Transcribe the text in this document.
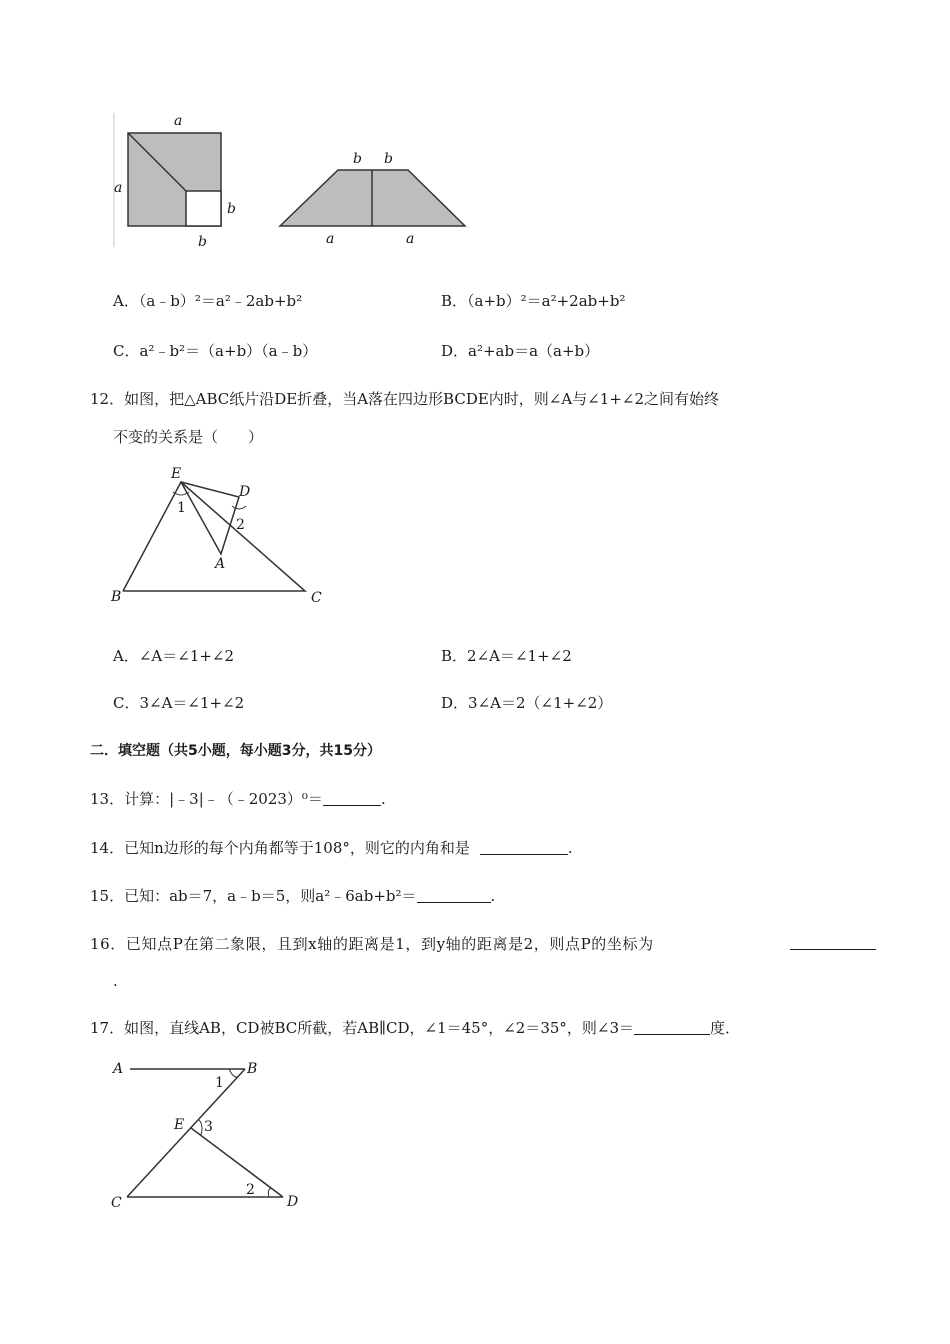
a
a
b
b
b b
a	a
A．（a﹣b）²＝a²﹣2ab+b²	B．（a+b）²＝a²+2ab+b²
C．a²﹣b²＝（a+b）（a﹣b）	D．a²+ab＝a（a+b）
12．如图，把△ABC纸片沿DE折叠，当A落在四边形BCDE内时，则∠A与∠1+∠2之间有始终
不变的关系是（　　）
E
D
A
B	C
1
2
A．∠A＝∠1+∠2	B．2∠A＝∠1+∠2
C．3∠A＝∠1+∠2	D．3∠A＝2（∠1+∠2）
二．填空题（共5小题，每小题3分，共15分）
13．计算：|﹣3|﹣（﹣2023）⁰＝	.
14．已知n边形的每个内角都等于108°，则它的内角和是	.
15．已知：ab＝7，a﹣b＝5，则a²﹣6ab+b²＝	.
16．已知点P在第二象限，且到x轴的距离是1，到y轴的距离是2，则点P的坐标为
.
17．如图，直线AB，CD被BC所截，若AB∥CD，∠1＝45°，∠2＝35°，则∠3＝	度．
A	B
E
C	D
1
3
2
